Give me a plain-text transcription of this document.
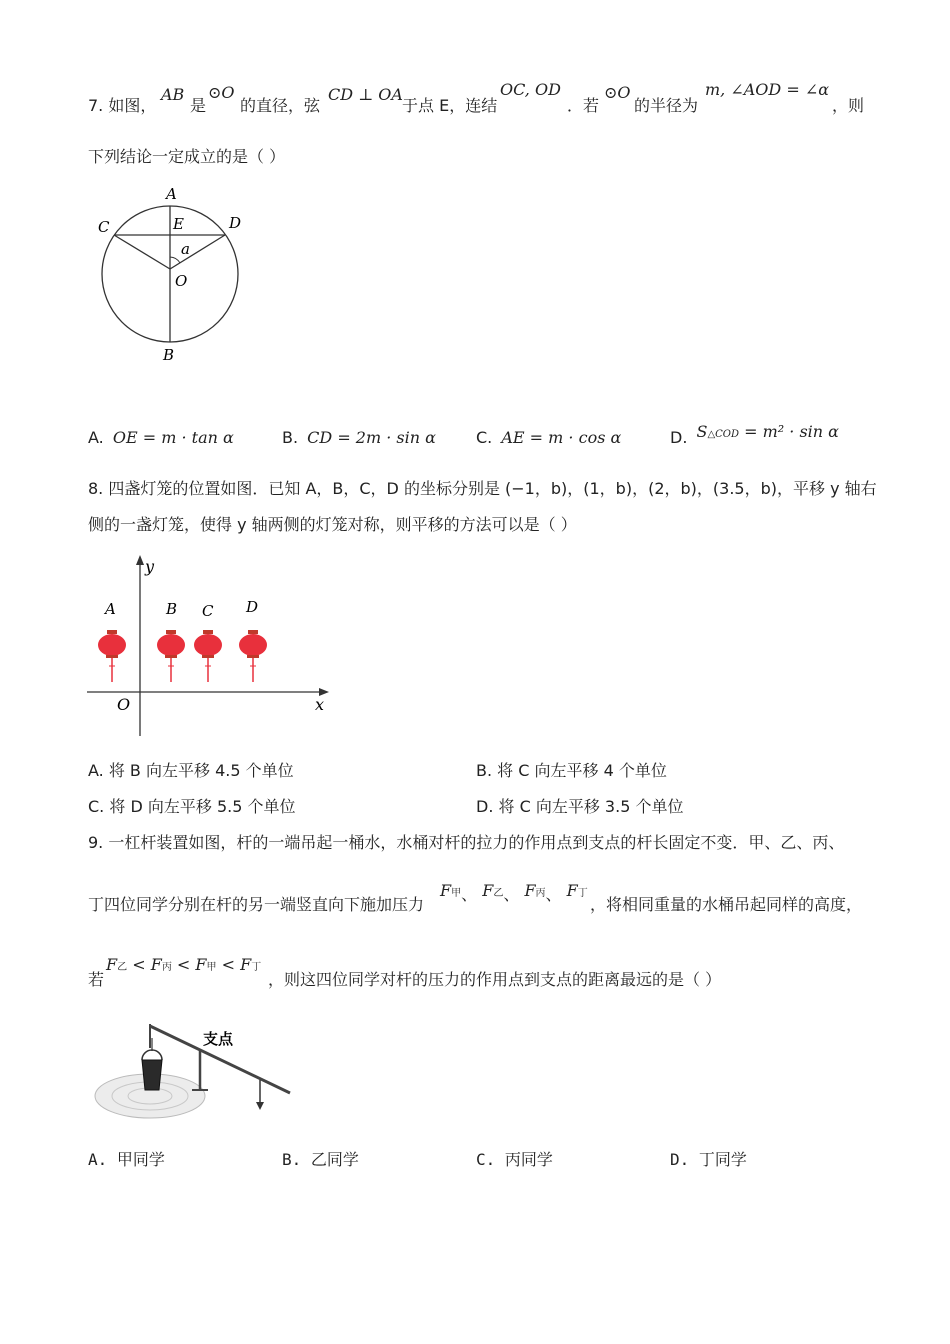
7. 如图，
AB
是
⊙O
的直径，弦
CD ⊥ OA
于点 E，连结
OC, OD
．若
⊙O
的半径为
m, ∠AOD = ∠α
，则
下列结论一定成立的是（ ）
A
E
C	D
a
O
B
A. OE = m · tan α	B. CD = 2m · sin α	C. AE = m · cos α	D. S△COD = m² · sin α
8. 四盏灯笼的位置如图．已知 A，B，C，D 的坐标分别是 (−1，b)，(1，b)，(2，b)，(3.5，b)，平移 y 轴右
侧的一盏灯笼，使得 y 轴两侧的灯笼对称，则平移的方法可以是（ ）
y
x
O
A	B C D
A. 将 B 向左平移 4.5 个单位	B. 将 C 向左平移 4 个单位
C. 将 D 向左平移 5.5 个单位	D. 将 C 向左平移 3.5 个单位
9. 一杠杆装置如图，杆的一端吊起一桶水，水桶对杆的拉力的作用点到支点的杆长固定不变．甲、乙、丙、
丁四位同学分别在杆的另一端竖直向下施加压力
F甲、 F乙、 F丙、 F丁
，将相同重量的水桶吊起同样的高度，
若
F乙 < F丙 < F甲 < F丁
，则这四位同学对杆的压力的作用点到支点的距离最远的是（ ）
支点
A. 甲同学	B. 乙同学	C. 丙同学	D. 丁同学
